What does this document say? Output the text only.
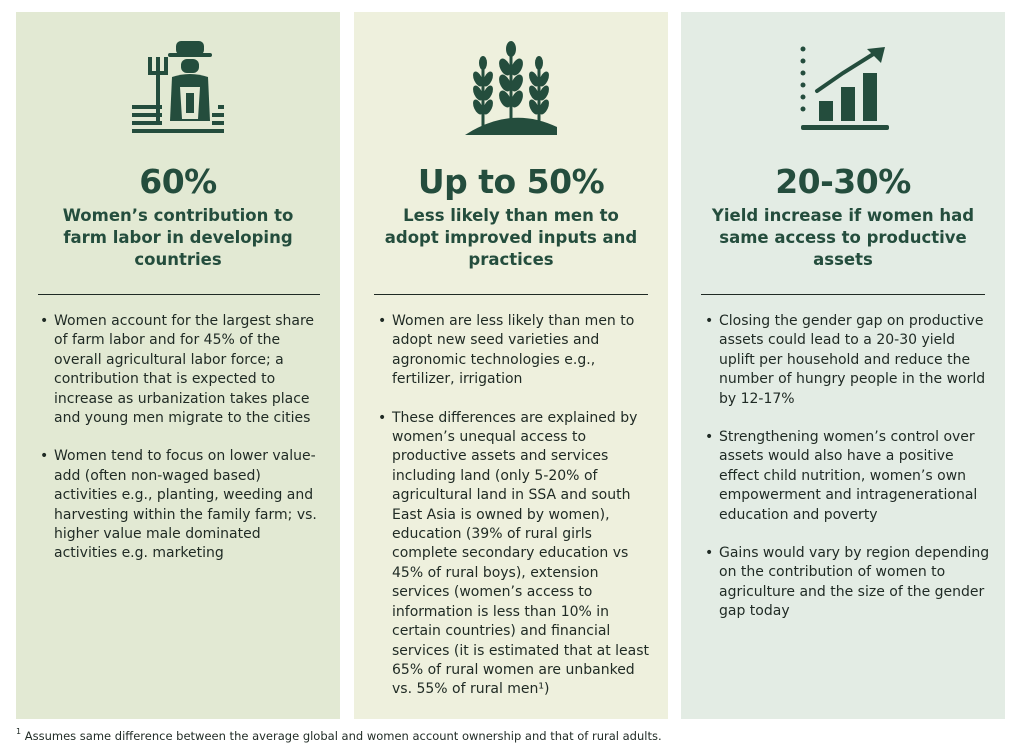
60%
Women’s contribution to farm labor in developing countries
• Women account for the largest share of farm labor and for 45% of the overall agricultural labor force; a contribution that is expected to increase as urbanization takes place and young men migrate to the cities
• Women tend to focus on lower value-add (often non-waged based) activities e.g., planting, weeding and harvesting within the family farm; vs. higher value male dominated activities e.g. marketing
Up to 50%
Less likely than men to adopt improved inputs and practices
• Women are less likely than men to adopt new seed varieties and agronomic technologies e.g., fertilizer, irrigation
• These differences are explained by women’s unequal access to productive assets and services including land (only 5-20% of agricultural land in SSA and south East Asia is owned by women), education (39% of rural girls complete secondary education vs 45% of rural boys), extension services (women’s access to information is less than 10% in certain countries) and financial services (it is estimated that at least 65% of rural women are unbanked vs. 55% of rural men¹)
20-30%
Yield increase if women had same access to productive assets
• Closing the gender gap on productive assets could lead to a 20-30 yield uplift per household and reduce the number of hungry people in the world by 12-17%
• Strengthening women’s control over assets would also have a positive effect child nutrition, women’s own empowerment and intragenerational education and poverty
• Gains would vary by region depending on the contribution of women to agriculture and the size of the gender gap today
$^1$ Assumes same difference between the average global and women account ownership and that of rural adults.
